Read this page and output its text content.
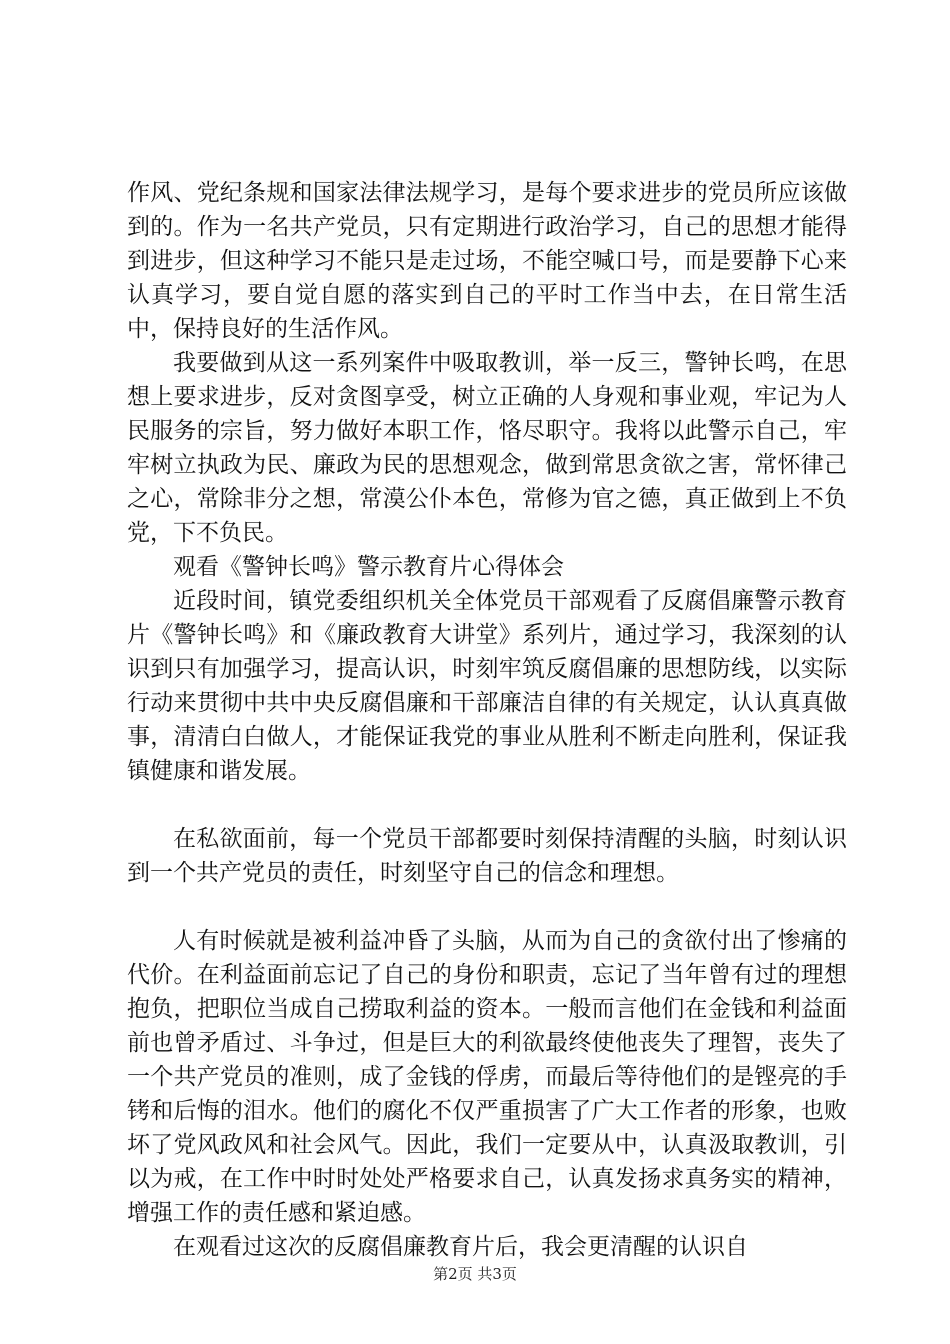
作风、党纪条规和国家法律法规学习，是每个要求进步的党员所应该做到的。作为一名共产党员，只有定期进行政治学习，自己的思想才能得到进步，但这种学习不能只是走过场，不能空喊口号，而是要静下心来认真学习，要自觉自愿的落实到自己的平时工作当中去，在日常生活中，保持良好的生活作风。

我要做到从这一系列案件中吸取教训，举一反三，警钟长鸣，在思想上要求进步，反对贪图享受，树立正确的人身观和事业观，牢记为人民服务的宗旨，努力做好本职工作，恪尽职守。我将以此警示自己，牢牢树立执政为民、廉政为民的思想观念，做到常思贪欲之害，常怀律己之心，常除非分之想，常漠公仆本色，常修为官之德，真正做到上不负党，下不负民。

观看《警钟长鸣》警示教育片心得体会

近段时间，镇党委组织机关全体党员干部观看了反腐倡廉警示教育片《警钟长鸣》和《廉政教育大讲堂》系列片，通过学习，我深刻的认识到只有加强学习，提高认识，时刻牢筑反腐倡廉的思想防线，以实际行动来贯彻中共中央反腐倡廉和干部廉洁自律的有关规定，认认真真做事，清清白白做人，才能保证我党的事业从胜利不断走向胜利，保证我镇健康和谐发展。

在私欲面前，每一个党员干部都要时刻保持清醒的头脑，时刻认识到一个共产党员的责任，时刻坚守自己的信念和理想。

人有时候就是被利益冲昏了头脑，从而为自己的贪欲付出了惨痛的代价。在利益面前忘记了自己的身份和职责，忘记了当年曾有过的理想抱负，把职位当成自己捞取利益的资本。一般而言他们在金钱和利益面前也曾矛盾过、斗争过，但是巨大的利欲最终使他丧失了理智，丧失了一个共产党员的准则，成了金钱的俘虏，而最后等待他们的是铿亮的手铐和后悔的泪水。他们的腐化不仅严重损害了广大工作者的形象，也败坏了党风政风和社会风气。因此，我们一定要从中，认真汲取教训，引以为戒，在工作中时时处处严格要求自己，认真发扬求真务实的精神，增强工作的责任感和紧迫感。

在观看过这次的反腐倡廉教育片后，我会更清醒的认识自

第2页 共3页
